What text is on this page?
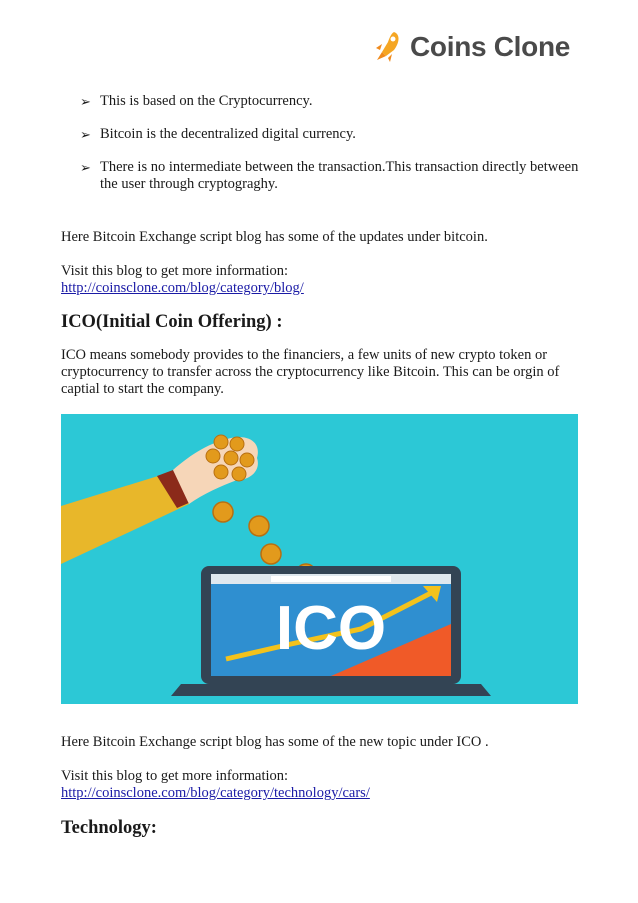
Coins Clone
➢ This is based on the Cryptocurrency.
➢ Bitcoin is the decentralized digital currency.
➢ There is no intermediate between the transaction.This transaction directly between the user through cryptograghy.

Here Bitcoin Exchange script blog has some of the updates under bitcoin.

Visit this blog to get more information:

http://coinsclone.com/blog/category/blog/
ICO(Initial Coin Offering) :

ICO means somebody provides to the financiers, a few units of new crypto token or cryptocurrency to transfer across the cryptocurrency like Bitcoin. This can be orgin of captial to start the company.

ICO

Here Bitcoin Exchange script blog has some of the new topic under ICO .

Visit this blog to get more information:

http://coinsclone.com/blog/category/technology/cars/
Technology:
